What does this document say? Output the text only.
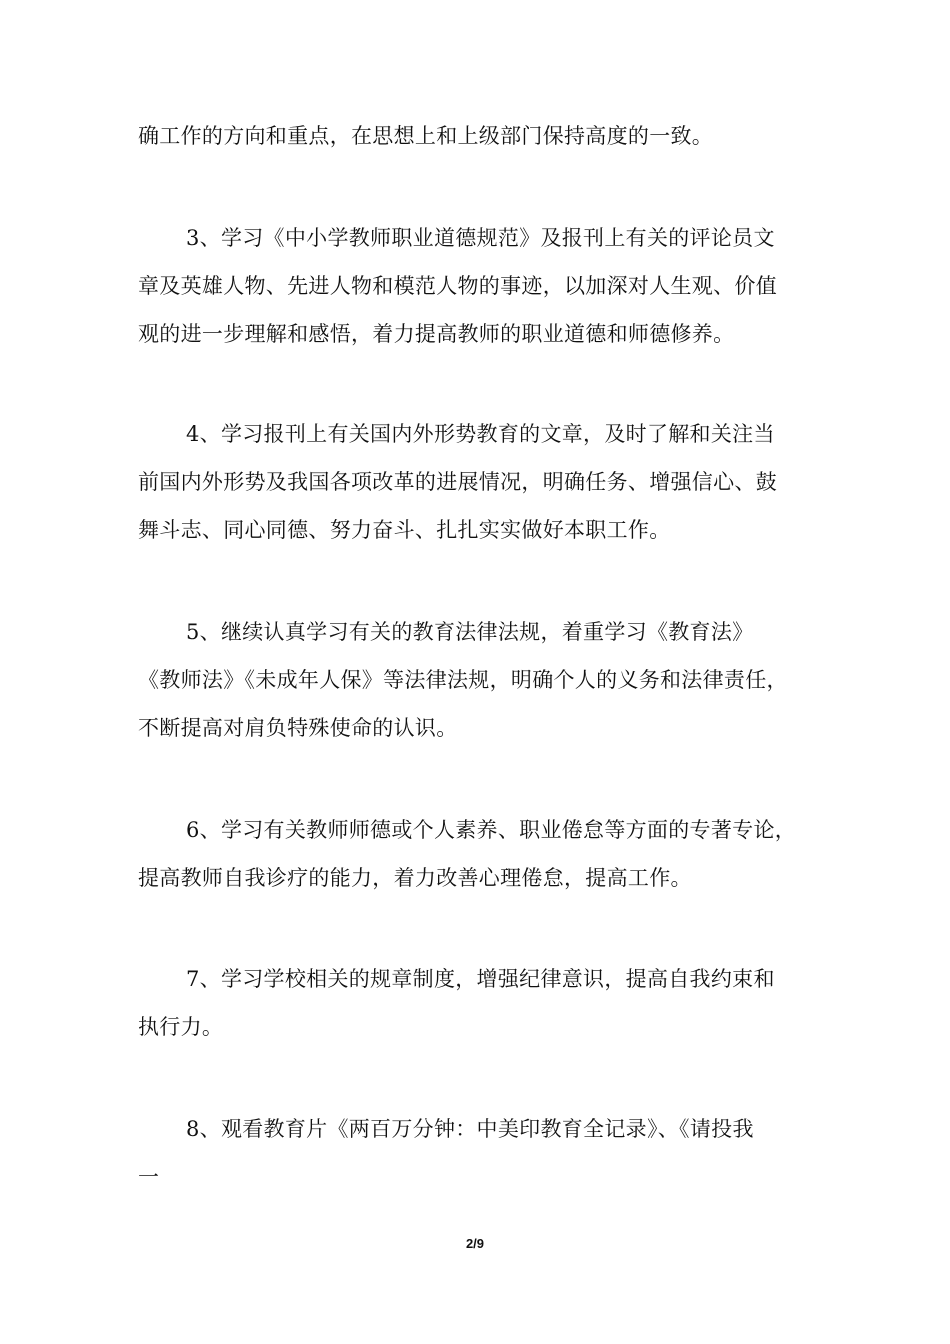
确工作的方向和重点，在思想上和上级部门保持高度的一致。
3、学习《中小学教师职业道德规范》及报刊上有关的评论员文
章及英雄人物、先进人物和模范人物的事迹，以加深对人生观、价值
观的进一步理解和感悟，着力提高教师的职业道德和师德修养。
4、学习报刊上有关国内外形势教育的文章，及时了解和关注当
前国内外形势及我国各项改革的进展情况，明确任务、增强信心、鼓
舞斗志、同心同德、努力奋斗、扎扎实实做好本职工作。
5、继续认真学习有关的教育法律法规，着重学习《教育法》
《教师法》《未成年人保》等法律法规，明确个人的义务和法律责任，
不断提高对肩负特殊使命的认识。
6、学习有关教师师德或个人素养、职业倦怠等方面的专著专论，
提高教师自我诊疗的能力，着力改善心理倦怠，提高工作。
7、学习学校相关的规章制度，增强纪律意识，提高自我约束和
执行力。
8、观看教育片《两百万分钟：中美印教育全记录》、《请投我
一
2/9
